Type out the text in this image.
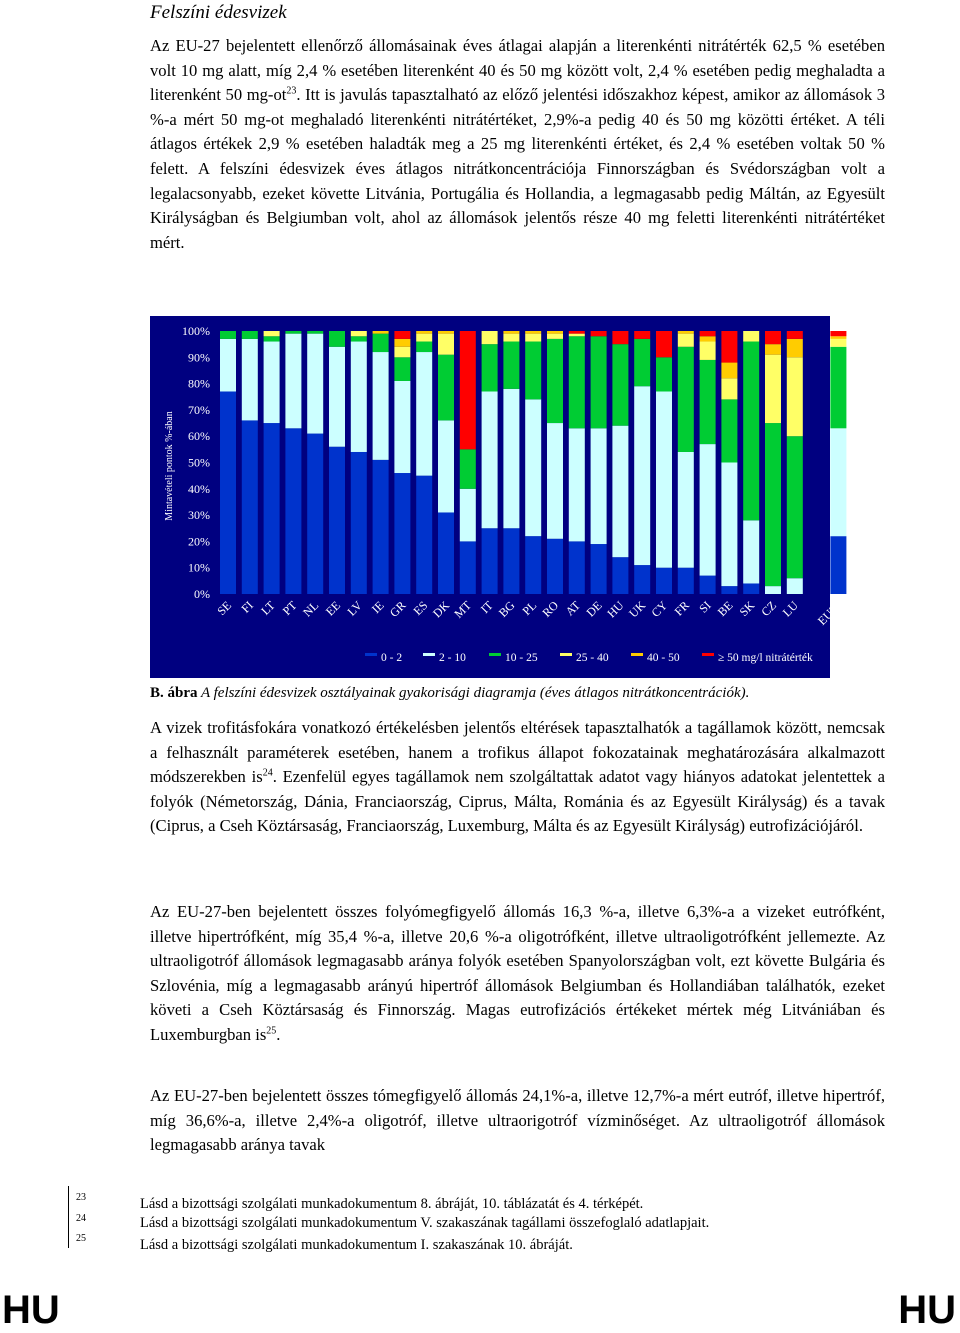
Felszíni édesvizek

Az EU-27 bejelentett ellenőrző állomásainak éves átlagai alapján a literenkénti nitrátérték 62,5 % esetében volt 10 mg alatt, míg 2,4 % esetében literenként 40 és 50 mg között volt, 2,4 % esetében pedig meghaladta a literenként 50 $mg-ot^{23}$. Itt is javulás tapasztalható az előző jelentési időszakhoz képest, amikor az állomások 3 %-a mért 50 mg-ot meghaladó literenkénti nitrátértéket, 2,9%-a pedig 40 és 50 mg közötti értéket. A téli átlagos értékek 2,9 % esetében haladták meg a 25 mg literenkénti értéket, és 2,4 % esetében voltak 50 % felett. A felszíni édesvizek éves átlagos nitrátkoncentrációja Finnországban és Svédországban volt a legalacsonyabb, ezeket követte Litvánia, Portugália és Hollandia, a legmagasabb pedig Máltán, az Egyesült Királyságban és Belgiumban volt, ahol az állomások jelentős része 40 mg feletti literenkénti nitrátértéket mért.

Mintavételi pontok %-ában
100%
90%
80%
70%
60%
50%
40%
30%
20%
10%
0%
SE FI LT PT NL EE LV IE GR ES DK MT IT BG PL RO AT DE HU UK CY FR SI BE SK CZ LU EU27
0 - 2	2 - 10	10 - 25	25 - 40	40 - 50	≥ 50 mg/l nitrátérték
B. ábra A felszíni édesvizek osztályainak gyakorisági diagramja (éves átlagos nitrátkoncentrációk).

A vizek trofitásfokára vonatkozó értékelésben jelentős eltérések tapasztalhatók a tagállamok között, nemcsak a felhasznált paraméterek esetében, hanem a trofikus állapot fokozatainak meghatározására alkalmazott módszerekben $is^{24}$. Ezenfelül egyes tagállamok nem szolgáltattak adatot vagy hiányos adatokat jelentettek a folyók (Németország, Dánia, Franciaország, Ciprus, Málta, Románia és az Egyesült Királyság) és a tavak (Ciprus, a Cseh Köztársaság, Franciaország, Luxemburg, Málta és az Egyesült Királyság) eutrofizációjáról.

Az EU-27-ben bejelentett összes folyómegfigyelő állomás 16,3 %-a, illetve 6,3%-a a vizeket eutrófként, illetve hipertrófként, míg 35,4 %-a, illetve 20,6 %-a oligotrófként, illetve ultraoligotrófként jellemezte. Az ultraoligotróf állomások legmagasabb aránya folyók esetében Spanyolországban volt, ezt követte Bulgária és Szlovénia, míg a legmagasabb arányú hipertróf állomások Belgiumban és Hollandiában találhatók, ezeket követi a Cseh Köztársaság és Finnország. Magas eutrofizációs értékeket mértek még Litvániában és Luxemburgban $is^{25}$.

Az EU-27-ben bejelentett összes tómegfigyelő állomás 24,1%-a, illetve 12,7%-a mért eutróf, illetve hipertróf, míg 36,6%-a, illetve 2,4%-a oligotróf, illetve ultraorigotróf vízminőséget. Az ultraoligotróf állomások legmagasabb aránya tavak

23	Lásd a bizottsági szolgálati munkadokumentum 8. ábráját, 10. táblázatát és 4. térképét.
24	Lásd a bizottsági szolgálati munkadokumentum V. szakaszának tagállami összefoglaló adatlapjait.
25	Lásd a bizottsági szolgálati munkadokumentum I. szakaszának 10. ábráját.
HU	HU
